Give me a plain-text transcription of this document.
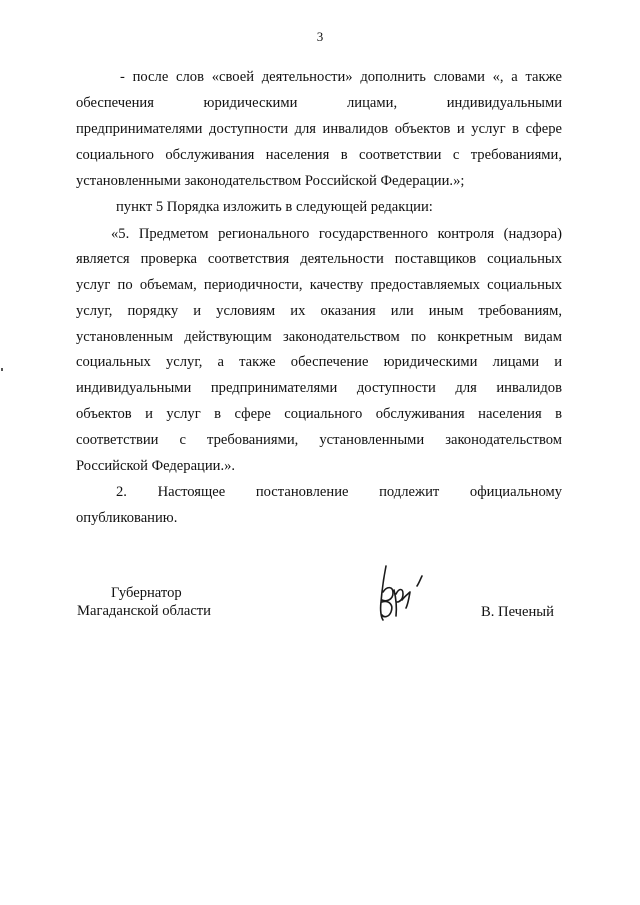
3
- после слов «своей деятельности» дополнить словами «, а также
обеспечения юридическими лицами, индивидуальными
предпринимателями доступности для инвалидов объектов и услуг в сфере
социального обслуживания населения в соответствии с требованиями,
установленными законодательством Российской Федерации.»;
пункт 5 Порядка изложить в следующей редакции:
«5. Предметом регионального государственного контроля (надзора)
является проверка соответствия деятельности поставщиков социальных
услуг по объемам, периодичности, качеству предоставляемых социальных
услуг, порядку и условиям их оказания или иным требованиям,
установленным действующим законодательством по конкретным видам
социальных услуг, а также обеспечение юридическими лицами и
индивидуальными предпринимателями доступности для инвалидов
объектов и услуг в сфере социального обслуживания населения в
соответствии с требованиями, установленными законодательством
Российской Федерации.».
2. Настоящее постановление подлежит официальному
опубликованию.
Губернатор
Магаданской области	В. Печеный
